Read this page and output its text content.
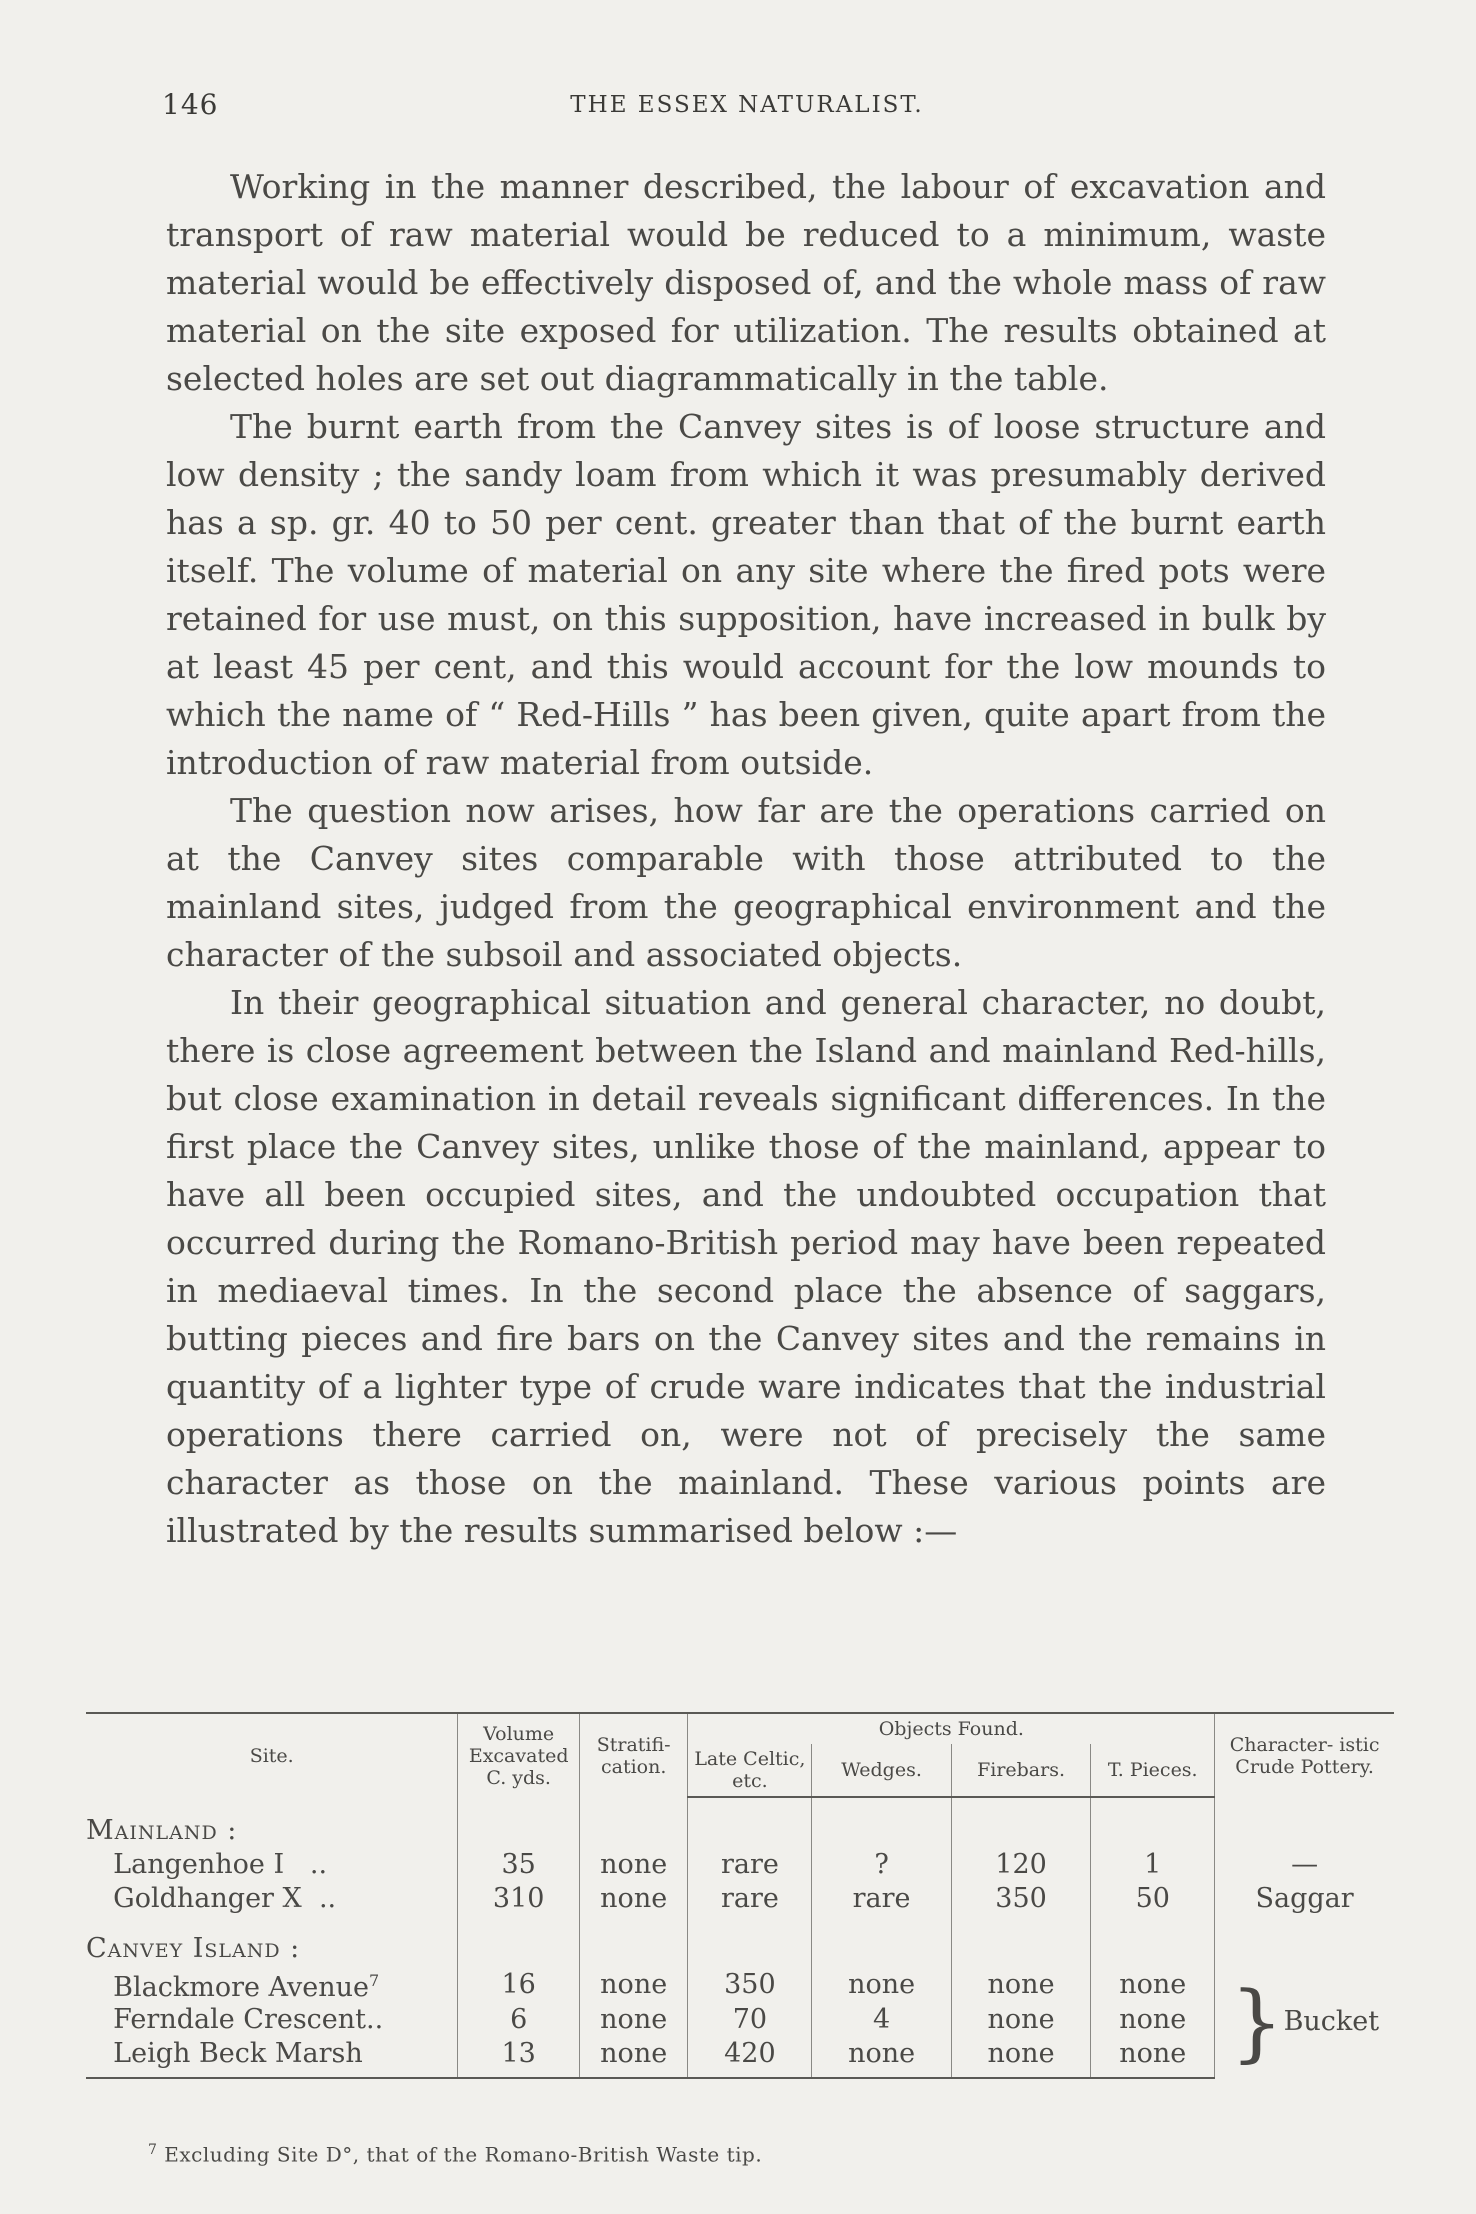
146	THE ESSEX NATURALIST.

Working in the manner described, the labour of excavation and transport of raw material would be reduced to a minimum, waste material would be effectively disposed of, and the whole mass of raw material on the site exposed for utilization. The results obtained at selected holes are set out diagrammatically in the table.

The burnt earth from the Canvey sites is of loose structure and low density ; the sandy loam from which it was presumably derived has a sp. gr. 40 to 50 per cent. greater than that of the burnt earth itself. The volume of material on any site where the fired pots were retained for use must, on this supposition, have increased in bulk by at least 45 per cent, and this would account for the low mounds to which the name of “ Red-Hills ” has been given, quite apart from the introduction of raw material from outside.

The question now arises, how far are the operations carried on at the Canvey sites comparable with those attributed to the mainland sites, judged from the geographical environment and the character of the subsoil and associated objects.

In their geographical situation and general character, no doubt, there is close agreement between the Island and mainland Red-hills, but close examination in detail reveals significant differences. In the first place the Canvey sites, unlike those of the mainland, appear to have all been occupied sites, and the undoubted occupation that occurred during the Romano-British period may have been repeated in mediaeval times. In the second place the absence of saggars, butting pieces and fire bars on the Canvey sites and the remains in quantity of a lighter type of crude ware indicates that the industrial operations there carried on, were not of precisely the same character as those on the mainland. These various points are illustrated by the results summarised below :—

Site.	Volume Excavated C. yds.	Stratifi- cation.	Objects Found.				Character- istic Crude Pottery.
			Late Celtic, etc.	Wedges.	Firebars.	T. Pieces.	

Mainland :							
Langenhoe I ..	35	none	rare	?	120	1	—
Goldhanger X ..	310	none	rare	rare	350	50	Saggar

Canvey Island :							
Blackmore Avenue$^7$	16	none	350	none	none	none	}Bucket
Ferndale Crescent..	6	none	70	4	none	none	
Leigh Beck Marsh	13	none	420	none	none	none	
$^7$ Excluding Site D°, that of the Romano-British Waste tip.
